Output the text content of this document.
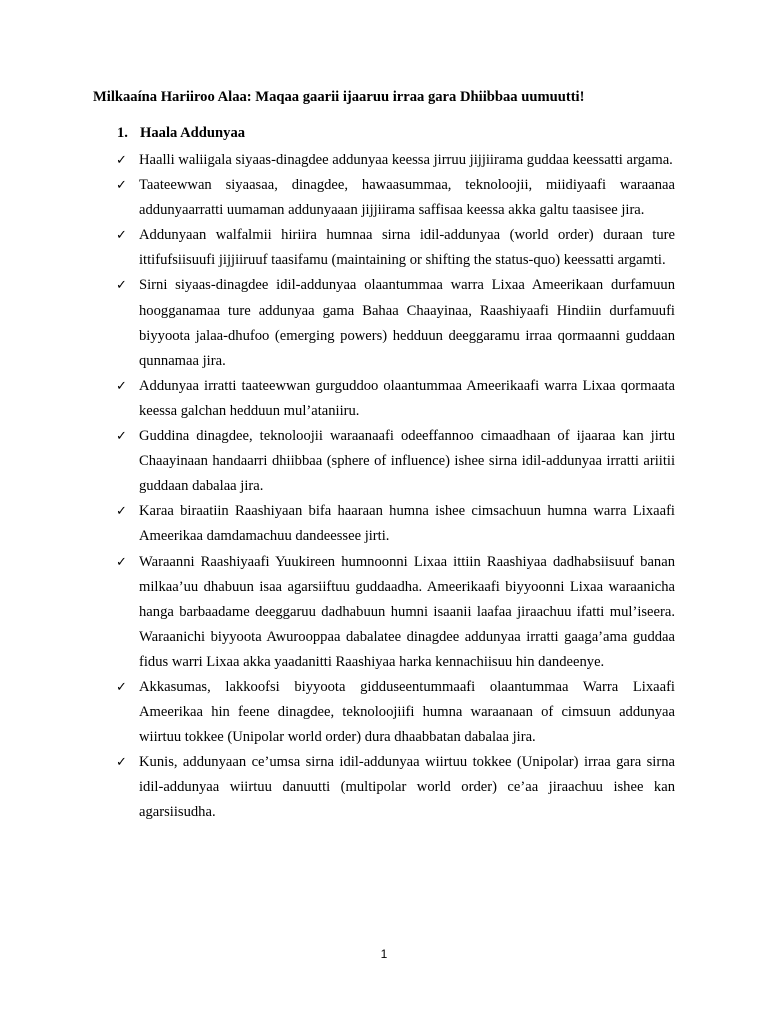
Milkaaína Hariiroo Alaa: Maqaa gaarii ijaaruu irraa gara Dhiibbaa uumuutti!
1. Haala Addunyaa
✓ Haalli waliigala siyaas-dinagdee addunyaa keessa jirruu jijjiirama guddaa keessatti argama.
✓ Taateewwan siyaasaa, dinagdee, hawaasummaa, teknoloojii, miidiyaafi waraanaa addunyaarratti uumaman addunyaaan jijjiirama saffisaa keessa akka galtu taasisee jira.
✓ Addunyaan walfalmii hiriira humnaa sirna idil-addunyaa (world order) duraan ture ittifufsiisuufi jijjiiruuf taasifamu (maintaining or shifting the status-quo) keessatti argamti.
✓ Sirni siyaas-dinagdee idil-addunyaa olaantummaa warra Lixaa Ameerikaan durfamuun hoogganamaa ture addunyaa gama Bahaa Chaayinaa, Raashiyaafi Hindiin durfamuufi biyyoota jalaa-dhufoo (emerging powers) hedduun deeggaramu irraa qormaanni guddaan qunnamaa jira.
✓ Addunyaa irratti taateewwan gurguddoo olaantummaa Ameerikaafi warra Lixaa qormaata keessa galchan hedduun mul’ataniiru.
✓ Guddina dinagdee, teknoloojii waraanaafi odeeffannoo cimaadhaan of ijaaraa kan jirtu Chaayinaan handaarri dhiibbaa (sphere of influence) ishee sirna idil-addunyaa irratti ariitii guddaan dabalaa jira.
✓ Karaa biraatiin Raashiyaan bifa haaraan humna ishee cimsachuun humna warra Lixaafi Ameerikaa damdamachuu dandeessee jirti.
✓ Waraanni Raashiyaafi Yuukireen humnoonni Lixaa ittiin Raashiyaa dadhabsiisuuf banan milkaa’uu dhabuun isaa agarsiiftuu guddaadha. Ameerikaafi biyyoonni Lixaa waraanicha hanga barbaadame deeggaruu dadhabuun humni isaanii laafaa jiraachuu ifatti mul’iseera. Waraanichi biyyoota Awurooppaa dabalatee dinagdee addunyaa irratti gaaga’ama guddaa fidus warri Lixaa akka yaadanitti Raashiyaa harka kennachiisuu hin dandeenye.
✓ Akkasumas, lakkoofsi biyyoota gidduseentummaafi olaantummaa Warra Lixaafi Ameerikaa hin feene dinagdee, teknoloojiifi humna waraanaan of cimsuun addunyaa wiirtuu tokkee (Unipolar world order) dura dhaabbatan dabalaa jira.
✓ Kunis, addunyaan ce’umsa sirna idil-addunyaa wiirtuu tokkee (Unipolar) irraa gara sirna idil-addunyaa wiirtuu danuutti (multipolar world order) ce’aa jiraachuu ishee kan agarsiisudha.
1
